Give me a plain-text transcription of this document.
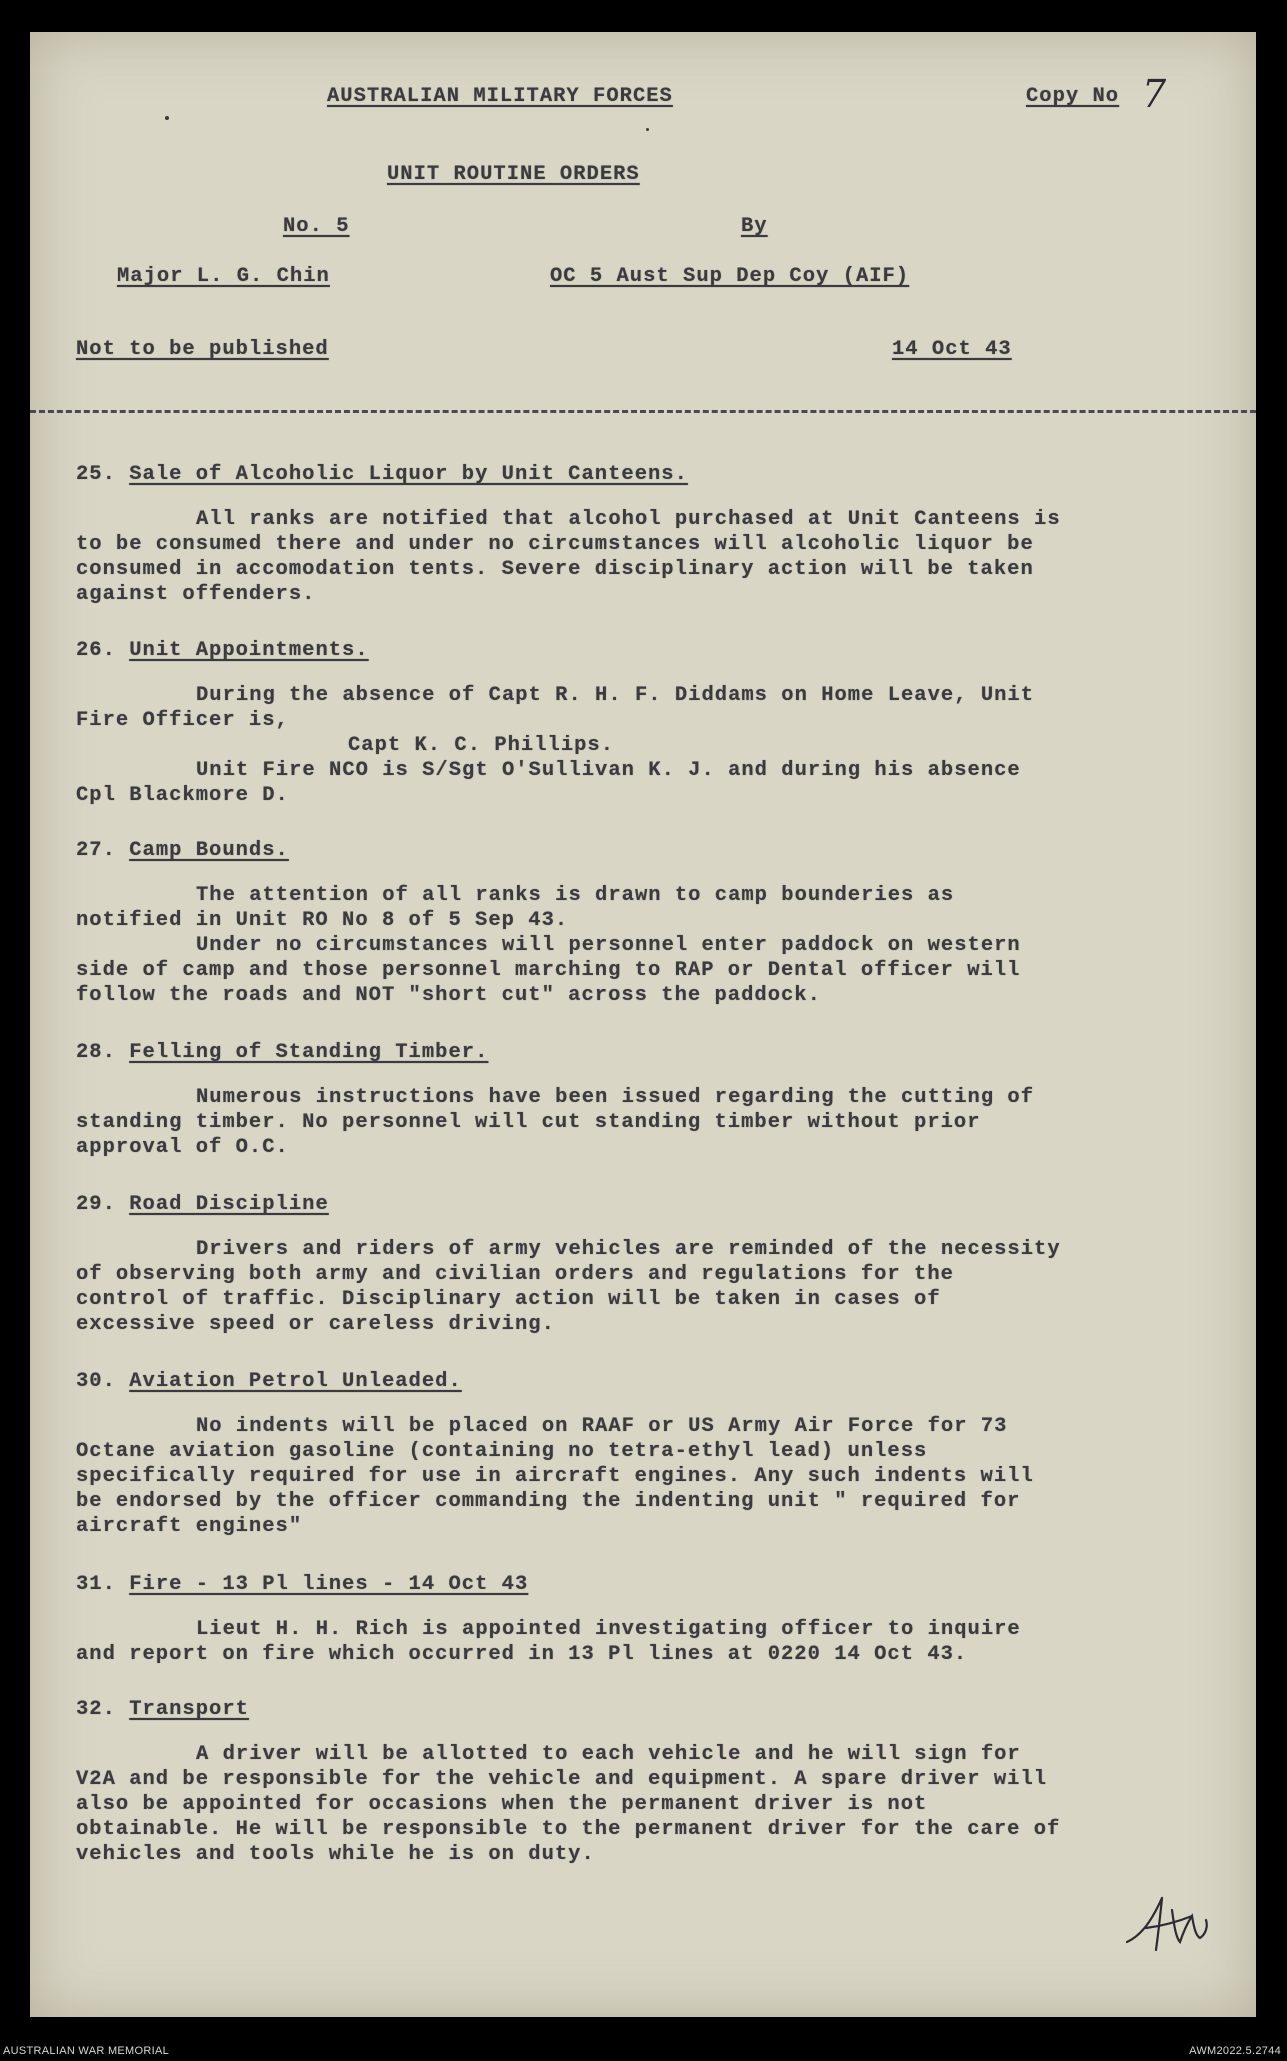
AUSTRALIAN MILITARY FORCES	Copy No 7
UNIT ROUTINE ORDERS
No. 5	By
Major L. G. Chin	OC 5 Aust Sup Dep Coy (AIF)
Not to be published	14 Oct 43
25. Sale of Alcoholic Liquor by Unit Canteens.

All ranks are notified that alcohol purchased at Unit Canteens is

to be consumed there and under no circumstances will alcoholic liquor be

consumed in accomodation tents. Severe disciplinary action will be taken

against offenders.

26. Unit Appointments.

During the absence of Capt R. H. F. Diddams on Home Leave, Unit

Fire Officer is,

Capt K. C. Phillips.

Unit Fire NCO is S/Sgt O'Sullivan K. J. and during his absence

Cpl Blackmore D.

27. Camp Bounds.

The attention of all ranks is drawn to camp bounderies as

notified in Unit RO No 8 of 5 Sep 43.

Under no circumstances will personnel enter paddock on western

side of camp and those personnel marching to RAP or Dental officer will

follow the roads and NOT "short cut" across the paddock.

28. Felling of Standing Timber.

Numerous instructions have been issued regarding the cutting of

standing timber. No personnel will cut standing timber without prior

approval of O.C.

29. Road Discipline

Drivers and riders of army vehicles are reminded of the necessity

of observing both army and civilian orders and regulations for the

control of traffic. Disciplinary action will be taken in cases of

excessive speed or careless driving.

30. Aviation Petrol Unleaded.

No indents will be placed on RAAF or US Army Air Force for 73

Octane aviation gasoline (containing no tetra-ethyl lead) unless

specifically required for use in aircraft engines. Any such indents will

be endorsed by the officer commanding the indenting unit " required for

aircraft engines"

31. Fire - 13 Pl lines - 14 Oct 43

Lieut H. H. Rich is appointed investigating officer to inquire

and report on fire which occurred in 13 Pl lines at 0220 14 Oct 43.

32. Transport

A driver will be allotted to each vehicle and he will sign for

V2A and be responsible for the vehicle and equipment. A spare driver will

also be appointed for occasions when the permanent driver is not

obtainable. He will be responsible to the permanent driver for the care of

vehicles and tools while he is on duty.

AUSTRALIAN WAR MEMORIAL	AWM2022.5.2744
